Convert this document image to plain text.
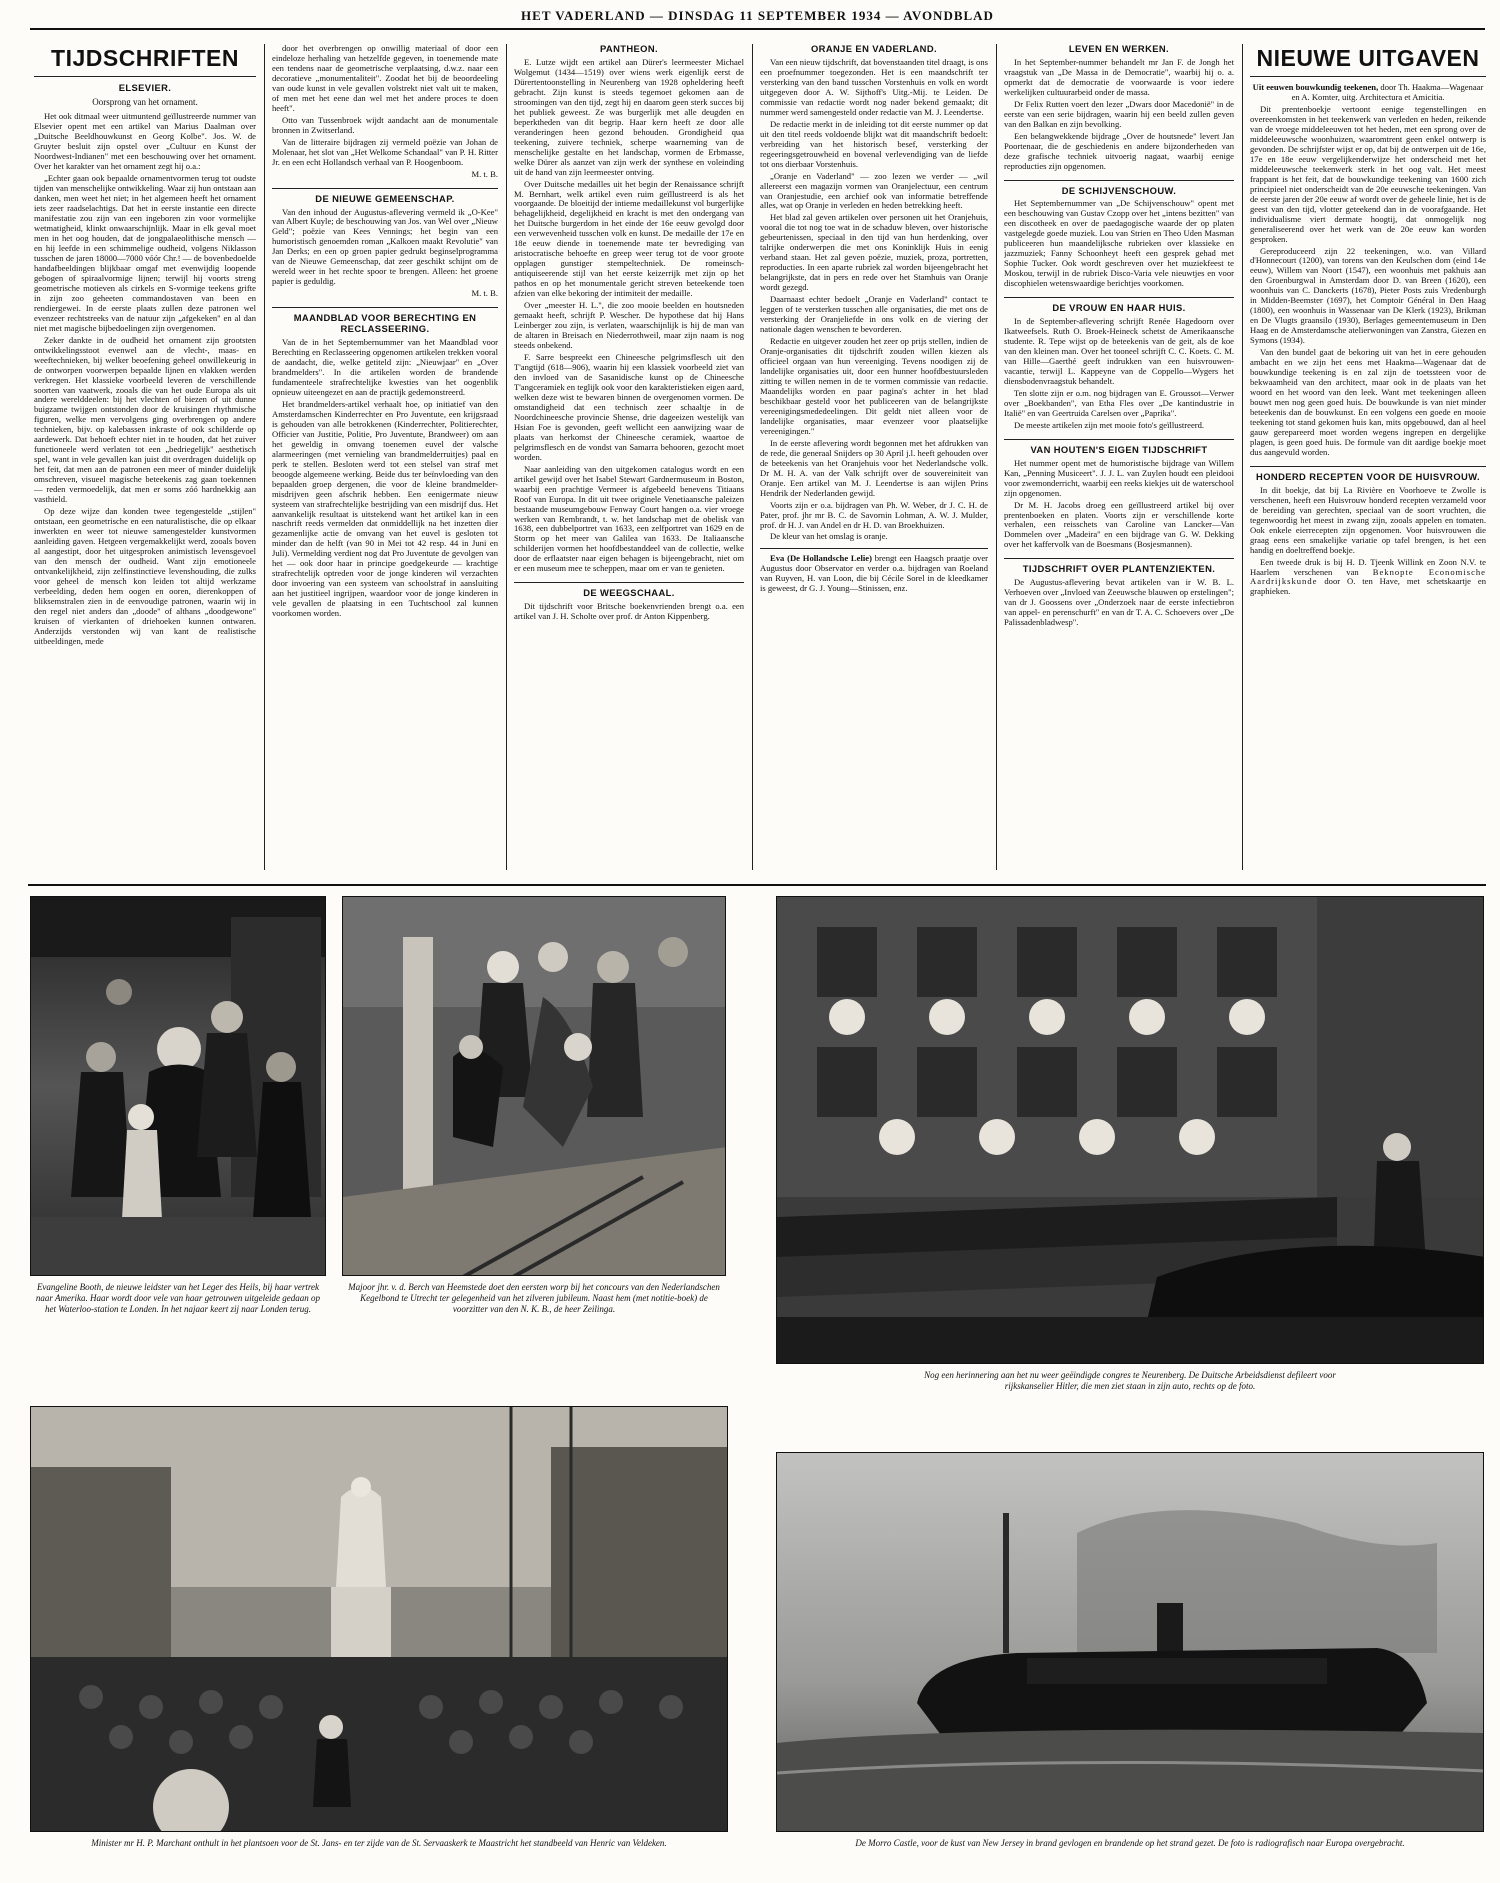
HET VADERLAND — DINSDAG 11 SEPTEMBER 1934 — AVONDBLAD
TIJDSCHRIFTEN
ELSEVIER.
Oorsprong van het ornament.

Het ook ditmaal weer uitmuntend geïllustreerde nummer van Elsevier opent met een artikel van Marius Daalman over „Duitsche Beeldhouwkunst en Georg Kolbe". Jos. W. de Gruyter besluit zijn opstel over „Cultuur en Kunst der Noordwest-Indianen" met een beschouwing over het ornament. Over het karakter van het ornament zegt hij o.a.:

„Echter gaan ook bepaalde ornamentvormen terug tot oudste tijden van menschelijke ontwikkeling. Waar zij hun ontstaan aan danken, men weet het niet; in het algemeen heeft het ornament iets zeer raadselachtigs. Dat het in eerste instantie een directe manifestatie zou zijn van een ingeboren zin voor vormelijke wetmatigheid, klinkt onwaarschijnlijk. Maar in elk geval moet men in het oog houden, dat de jongpalaeolithische mensch — en hij leefde in een schimmelige oudheid, volgens Niklasson tusschen de jaren 18000—7000 vóór Chr.! — de bovenbedoelde handafbeeldingen blijkbaar omgaf met evenwijdig loopende gebogen of spiraalvormige lijnen; terwijl hij voorts streng geometrische motieven als cirkels en S-vormige teekens grifte in zijn zoo geheeten commandostaven van been en rendiergewei. In de eerste plaats zullen deze patronen wel evenzeer rechtstreeks van de natuur zijn „afgekeken" en al dan niet met magische bijbedoelingen zijn overgenomen.

Zeker dankte in de oudheid het ornament zijn grootsten ontwikkelingsstoot evenwel aan de vlecht-, maas- en weeftechnieken, bij welker beoefening geheel onwillekeurig in de ontworpen voorwerpen bepaalde lijnen en vlakken werden verkregen. Het klassieke voorbeeld leveren de verschillende soorten van vaatwerk, zooals die van het oude Europa als uit andere werelddeelen: bij het vlechten of biezen of uit dunne buigzame twijgen ontstonden door de kruisingen rhythmische figuren, welke men vervolgens ging overbrengen op andere technieken, bijv. op kalebassen inkraste of ook schilderde op aardewerk. Dat behoeft echter niet in te houden, dat het zuiver functioneele werd verlaten tot een „bedriegelijk" aesthetisch spel, want in vele gevallen kan juist dit overdragen duidelijk op het feit, dat men aan de patronen een meer of minder duidelijk omschreven, visueel magische beteekenis zag gaan toekennen — reden vermoedelijk, dat men er soms zóó hardnekkig aan vasthield.

Op deze wijze dan konden twee tegengestelde „stijlen" ontstaan, een geometrische en een naturalistische, die op elkaar inwerkten en weer tot nieuwe samengestelder kunstvormen aanleiding gaven. Hetgeen vergemakkelijkt werd, zooals boven al aangestipt, door het uitgesproken animistisch levensgevoel van den mensch der oudheid. Want zijn emotioneele ontvankelijkheid, zijn zelfinstinctieve levenshouding, die zulks voor geheel de mensch kon leiden tot altijd werkzame verbeelding, deden hem oogen en ooren, dierenkoppen of bliksemstralen zien in de eenvoudige patronen, waarin wij in den regel niet anders dan „doode" of althans „doodgewone" kruisen of vierkanten of driehoeken kunnen ontwaren. Anderzijds verstonden wij van kant de realistische uitbeeldingen, mede

door het overbrengen op onwillig materiaal of door een eindeloze herhaling van hetzelfde gegeven, in toenemende mate een tendens naar de geometrische verplaatsing, d.w.z. naar een decoratieve „monumentaliteit". Zoodat het bij de beoordeeling van oude kunst in vele gevallen volstrekt niet valt uit te maken, of men met het eene dan wel met het andere proces te doen heeft".

Otto van Tussenbroek wijdt aandacht aan de monumentale bronnen in Zwitserland.

Van de litteraire bijdragen zij vermeld poëzie van Johan de Molenaar, het slot van „Het Welkome Schandaal" van P. H. Ritter Jr. en een echt Hollandsch verhaal van P. Hoogenboom.

M. t. B.
DE NIEUWE GEMEENSCHAP.

Van den inhoud der Augustus-aflevering vermeld ik „O-Kee" van Albert Kuyle; de beschouwing van Jos. van Wel over „Nieuw Geld"; poëzie van Kees Vennings; het begin van een humoristisch genoemden roman „Kalkoen maakt Revolutie" van Jan Derks; en een op groen papier gedrukt beginselprogramma van de Nieuwe Gemeenschap, dat zeer geschikt schijnt om de wereld weer in het rechte spoor te brengen. Alleen: het groene papier is geduldig.

M. t. B.
MAANDBLAD VOOR BERECHTING EN RECLASSEERING.

Van de in het Septembernummer van het Maandblad voor Berechting en Reclasseering opgenomen artikelen trekken vooral de aandacht, die, welke getiteld zijn: „Nieuwjaar" en „Over brandmelders". In die artikelen worden de brandende fundamenteele strafrechtelijke kwesties van het oogenblik opnieuw uiteengezet en aan de practijk gedemonstreerd.

Het brandmelders-artikel verhaalt hoe, op initiatief van den Amsterdamschen Kinderrechter en Pro Juventute, een krijgsraad is gehouden van alle betrokkenen (Kinderrechter, Politierechter, Officier van Justitie, Politie, Pro Juventute, Brandweer) om aan het geweldig in omvang toenemen euvel der valsche alarmeeringen (met vernieling van brandmelderruitjes) paal en perk te stellen. Besloten werd tot een stelsel van straf met beoogde algemeene werking. Beide dus ter beïnvloeding van den bepaalden groep dergenen, die voor de kleine brandmelder-misdrijven geen afschrik hebben. Een eenigermate nieuw systeem van strafrechtelijke bestrijding van een misdrijf dus. Het aanvankelijk resultaat is uitstekend want het artikel kan in een naschrift reeds vermelden dat onmiddellijk na het inzetten dier gezamenlijke actie de omvang van het euvel is gesloten tot minder dan de helft (van 90 in Mei tot 42 resp. 44 in Juni en Juli). Vermelding verdient nog dat Pro Juventute de gevolgen van het — ook door haar in principe goedgekeurde — krachtige strafrechtelijk optreden voor de jonge kinderen wil verzachten door invoering van een systeem van schoolstraf in aansluiting aan het justitieel ingrijpen, waardoor voor de jonge kinderen in vele gevallen de plaatsing in een Tuchtschool zal kunnen voorkomen worden.

PANTHEON.

E. Lutze wijdt een artikel aan Dürer's leermeester Michael Wolgemut (1434—1519) over wiens werk eigenlijk eerst de Dürertentoonstelling in Neurenberg van 1928 opheldering heeft gebracht. Zijn kunst is steeds tegemoet gekomen aan de stroomingen van den tijd, zegt hij en daarom geen sterk succes bij het publiek geweest. Ze was burgerlijk met alle deugden en beperktheden van dit begrip. Haar kern heeft ze door alle veranderingen heen gezond behouden. Grondigheid qua teekening, zuivere techniek, scherpe waarneming van de menschelijke gestalte en het landschap, vormen de Erbmasse, welke Dürer als aanzet van zijn werk der synthese en voleinding uit de hand van zijn leermeester ontving.

Over Duitsche medailles uit het begin der Renaissance schrijft M. Bernhart, welk artikel even ruim geïllustreerd is als het voorgaande. De bloeitijd der intieme medaillekunst vol burgerlijke behagelijkheid, degelijkheid en kracht is met den ondergang van het Duitsche burgerdom in het einde der 16e eeuw gevolgd door een verwevenheid tusschen volk en kunst. De medaille der 17e en 18e eeuw diende in toenemende mate ter bevrediging van aristocratische behoefte en greep weer terug tot de voor groote opplagen gunstiger stempeltechniek. De romeinsch-antiquiseerende stijl van het eerste keizerrijk met zijn op het pathos en op het monumentale gericht streven beteekende toen afzien van elke bekoring der intimiteit der medaille.

Over „meester H. L.", die zoo mooie beelden en houtsneden gemaakt heeft, schrijft P. Wescher. De hypothese dat hij Hans Leinberger zou zijn, is verlaten, waarschijnlijk is hij de man van de altaren in Breisach en Niederrothweil, maar zijn naam is nog steeds onbekend.

F. Sarre bespreekt een Chineesche pelgrimsflesch uit den T'angtijd (618—906), waarin hij een klassiek voorbeeld ziet van den invloed van de Sasanidische kunst op de Chineesche T'angceramiek en teglijk ook voor den karakteristieken eigen aard, welken deze wist te bewaren binnen de overgenomen vormen. De omstandigheid dat een technisch zeer schaaltje in de Noordchineesche provincie Shense, drie dageeizen westelijk van Hsian Foe is gevonden, geeft wellicht een aanwijzing waar de plaats van herkomst der Chineesche ceramiek, waartoe de pelgrimsflesch en de vondst van Samarra behooren, gezocht moet worden.

Naar aanleiding van den uitgekomen catalogus wordt en een artikel gewijd over het Isabel Stewart Gardnermuseum in Boston, waarbij een prachtige Vermeer is afgebeeld benevens Titiaans Roof van Europa. In dit uit twee originele Venetiaansche paleizen bestaande museumgebouw Fenway Court hangen o.a. vier vroege werken van Rembrandt, t. w. het landschap met de obelisk van 1638, een dubbelportret van 1633, een zelfportret van 1629 en de Storm op het meer van Galilea van 1633. De Italiaansche schilderijen vormen het hoofdbestanddeel van de collectie, welke door de erflaatster naar eigen behagen is bijeengebracht, niet om er een museum mee te scheppen, maar om er van te genieten.

DE WEEGSCHAAL.

Dit tijdschrift voor Britsche boekenvrienden brengt o.a. een artikel van J. H. Scholte over prof. dr Anton Kippenberg.

ORANJE EN VADERLAND.

Van een nieuw tijdschrift, dat bovenstaanden titel draagt, is ons een proefnummer toegezonden. Het is een maandschrift ter versterking van den band tusschen Vorstenhuis en volk en wordt uitgegeven door A. W. Sijthoff's Uitg.-Mij. te Leiden. De commissie van redactie wordt nog nader bekend gemaakt; dit nummer werd samengesteld onder redactie van M. J. Leendertse.

De redactie merkt in de inleiding tot dit eerste nummer op dat uit den titel reeds voldoende blijkt wat dit maandschrift bedoelt: verbreiding van het historisch besef, versterking der regeeringsgetrouwheid en bovenal verlevendiging van de liefde tot ons dierbaar Vorstenhuis.

„Oranje en Vaderland" — zoo lezen we verder — „wil allereerst een magazijn vormen van Oranjelectuur, een centrum van Oranjestudie, een archief ook van informatie betreffende alles, wat op Oranje in verleden en heden betrekking heeft.

Het blad zal geven artikelen over personen uit het Oranjehuis, vooral die tot nog toe wat in de schaduw bleven, over historische gebeurtenissen, speciaal in den tijd van hun herdenking, over talrijke onderwerpen die met ons Koninklijk Huis in eenig verband staan. Het zal geven poëzie, muziek, proza, portretten, reproducties. In een aparte rubriek zal worden bijeengebracht het belangrijkste, dat in pers en rede over het Stamhuis van Oranje wordt gezegd.

Daarnaast echter bedoelt „Oranje en Vaderland" contact te leggen of te versterken tusschen alle organisaties, die met ons de versterking der Oranjeliefde in ons volk en de viering der nationale dagen wenschen te bevorderen.

Redactie en uitgever zouden het zeer op prijs stellen, indien de Oranje-organisaties dit tijdschrift zouden willen kiezen als officieel orgaan van hun vereeniging. Tevens noodigen zij de landelijke organisaties uit, door een hunner hoofdbestuursleden zitting te willen nemen in de te vormen commissie van redactie. Maandelijks worden en paar pagina's achter in het blad beschikbaar gesteld voor het publiceeren van de belangrijkste vereenigingsmededeelingen. Dit geldt niet alleen voor de landelijke organisaties, maar evenzeer voor plaatselijke vereenigingen."

In de eerste aflevering wordt begonnen met het afdrukken van de rede, die generaal Snijders op 30 April j.l. heeft gehouden over de beteekenis van het Oranjehuis voor het Nederlandsche volk. Dr M. H. A. van der Valk schrijft over de souvereiniteit van Oranje. Een artikel van M. J. Leendertse is aan wijlen Prins Hendrik der Nederlanden gewijd.

Voorts zijn er o.a. bijdragen van Ph. W. Weber, dr J. C. H. de Pater, prof. jhr mr B. C. de Savornin Lohman, A. W. J. Mulder, prof. dr H. J. van Andel en dr H. D. van Broekhuizen.

De kleur van het omslag is oranje.

Eva (De Hollandsche Lelie) brengt een Haagsch praatje over Augustus door Observator en verder o.a. bijdragen van Roeland van Ruyven, H. van Loon, die bij Cécile Sorel in de kleedkamer is geweest, dr G. J. Young—Stinissen, enz.

LEVEN EN WERKEN.

In het September-nummer behandelt mr Jan F. de Jongh het vraagstuk van „De Massa in de Democratie", waarbij hij o. a. opmerkt dat de democratie de voorwaarde is voor iedere werkelijken cultuurarbeid onder de massa.

Dr Felix Rutten voert den lezer „Dwars door Macedonië" in de eerste van een serie bijdragen, waarin hij een beeld zullen geven van den Balkan en zijn bevolking.

Een belangwekkende bijdrage „Over de houtsnede" levert Jan Poortenaar, die de geschiedenis en andere bijzonderheden van deze grafische techniek uitvoerig nagaat, waarbij eenige reproducties zijn opgenomen.

DE SCHIJVENSCHOUW.

Het Septembernummer van „De Schijvenschouw" opent met een beschouwing van Gustav Czopp over het „intens bezitten" van een discotheek en over de paedagogische waarde der op platen vastgelegde goede muziek. Lou van Strien en Theo Uden Masman publiceeren hun maandelijksche rubrieken over klassieke en jazzmuziek; Fanny Schoonheyt heeft een gesprek gehad met Sophie Tucker. Ook wordt geschreven over het muziekfeest te Moskou, terwijl in de rubriek Disco-Varia vele nieuwtjes en voor discophielen wetenswaardige berichtjes voorkomen.

DE VROUW EN HAAR HUIS.

In de September-aflevering schrijft Renée Hagedoorn over Ikatweefsels. Ruth O. Broek-Heineck schetst de Amerikaansche studente. R. Tepe wijst op de beteekenis van de geit, als de koe van den kleinen man. Over het tooneel schrijft C. C. Koets. C. M. van Hille—Gaerthé geeft indrukken van een huisvrouwen-vacantie, terwijl L. Kappeyne van de Coppello—Wygers het diensbodenvraagstuk behandelt.

Ten slotte zijn er o.m. nog bijdragen van E. Groussot—Verwer over „Boekbanden", van Etha Fles over „De kantindustrie in Italië" en van Geertruida Carelsen over „Paprika".

De meeste artikelen zijn met mooie foto's geïllustreerd.

VAN HOUTEN'S EIGEN TIJDSCHRIFT

Het nummer opent met de humoristische bijdrage van Willem Kan, „Penning Musiceert". J. J. L. van Zuylen houdt een pleidooi voor zwemonderricht, waarbij een reeks kiekjes uit de waterschool zijn opgenomen.

Dr M. H. Jacobs droeg een geïllustreerd artikel bij over prentenboeken en platen. Voorts zijn er verschillende korte verhalen, een reisschets van Caroline van Lancker—Van Dommelen over „Madeira" en een bijdrage van G. W. Dekking over het kaffervolk van de Boesmans (Bosjesmannen).

TIJDSCHRIFT OVER PLANTENZIEKTEN.

De Augustus-aflevering bevat artikelen van ir W. B. L. Verhoeven over „Invloed van Zeeuwsche blauwen op erstelingen"; van dr J. Goossens over „Onderzoek naar de eerste infectiebron van appel- en perenschurft" en van dr T. A. C. Schoevers over „De Palissadenbladwesp".

NIEUWE UITGAVEN

Uit eeuwen bouwkundig teekenen, door Th. Haakma—Wagenaar en A. Komter, uitg. Architectura et Amicitia.

Dit prentenboekje vertoont eenige tegenstellingen en overeenkomsten in het teekenwerk van verleden en heden, reikende van de vroege middeleeuwen tot het heden, met een sprong over de middeleeuwsche woonhuizen, waaromtrent geen enkel ontwerp is gevonden. De schrijfster wijst er op, dat bij de ontwerpen uit de 16e, 17e en 18e eeuw vergelijkenderwijze het onderscheid met het middeleeuwsche teekenwerk sterk in het oog valt. Het meest frappant is het feit, dat de bouwkundige teekening van 1600 zich principieel niet onderscheidt van de 20e eeuwsche teekeningen. Van de eerste jaren der 20e eeuw af wordt over de geheele linie, het is de geest van den tijd, vlotter geteekend dan in de voorafgaande. Het individualisme viert dermate hoogtij, dat onmogelijk nog generaliseerend over het werk van de 20e eeuw kan worden gesproken.

Gereproduceerd zijn 22 teekeningen, w.o. van Villard d'Honnecourt (1200), van torens van den Keulschen dom (eind 14e eeuw), Willem van Noort (1547), een woonhuis met pakhuis aan den Groenburgwal in Amsterdam door D. van Breen (1620), een woonhuis van C. Danckerts (1678), Pieter Posts zuis Vredenburgh in Midden-Beemster (1697), het Comptoir Général in Den Haag (1800), een woonhuis in Wassenaar van De Klerk (1923), Brikman en De Vlugts graansilo (1930), Berlages gemeentemuseum in Den Haag en de Amsterdamsche atelierwoningen van Zanstra, Giezen en Symons (1934).

Van den bundel gaat de bekoring uit van het in eere gehouden ambacht en we zijn het eens met Haakma—Wagenaar dat de bouwkundige teekening is en zal zijn de toetssteen voor de bekwaamheid van den architect, maar ook in de plaats van het woord en het woord van den leek. Want met teekeningen alleen bouwt men nog geen goed huis. De bouwkunde is van niet minder beteekenis dan de bouwkunst. En een volgens een goede en mooie teekening tot stand gekomen huis kan, mits opgebouwd, dan al heel gauw gerepareerd moet worden wegens ingrepen en dergelijke plagen, is geen goed huis. De formule van dit aardige boekje moet dus aangevuld worden.

HONDERD RECEPTEN VOOR DE HUISVROUW.

In dit boekje, dat bij La Rivière en Voorhoeve te Zwolle is verschenen, heeft een Huisvrouw honderd recepten verzameld voor de bereiding van gerechten, speciaal van de soort vruchten, die tegenwoordig het meest in zwang zijn, zooals appelen en tomaten. Ook enkele eierrecepten zijn opgenomen. Voor huisvrouwen die graag eens een smakelijke variatie op tafel brengen, is het een handig en doeltreffend boekje.

Een tweede druk is bij H. D. Tjeenk Willink en Zoon N.V. te Haarlem verschenen van Beknopte Economische Aardrijkskunde door O. ten Have, met schetskaartje en graphieken.

Evangeline Booth, de nieuwe leidster van het Leger des Heils, bij haar vertrek naar Amerika. Haar wordt door vele van haar getrouwen uitgeleide gedaan op het Waterloo-station te Londen. In het najaar keert zij naar Londen terug.
Majoor jhr. v. d. Berch van Heemstede doet den eersten worp bij het concours van den Nederlandschen Kegelbond te Utrecht ter gelegenheid van het zilveren jubileum. Naast hem (met notitie-boek) de voorzitter van den N. K. B., de heer Zeilinga.
Nog een herinnering aan het nu weer geëindigde congres te Neurenberg. De Duitsche Arbeidsdienst defileert voor rijkskanselier Hitler, die men ziet staan in zijn auto, rechts op de foto.
Minister mr H. P. Marchant onthult in het plantsoen voor de St. Jans- en ter zijde van de St. Servaaskerk te Maastricht het standbeeld van Henric van Veldeken.	De Morro Castle, voor de kust van New Jersey in brand gevlogen en brandende op het strand gezet. De foto is radiografisch naar Europa overgebracht.
